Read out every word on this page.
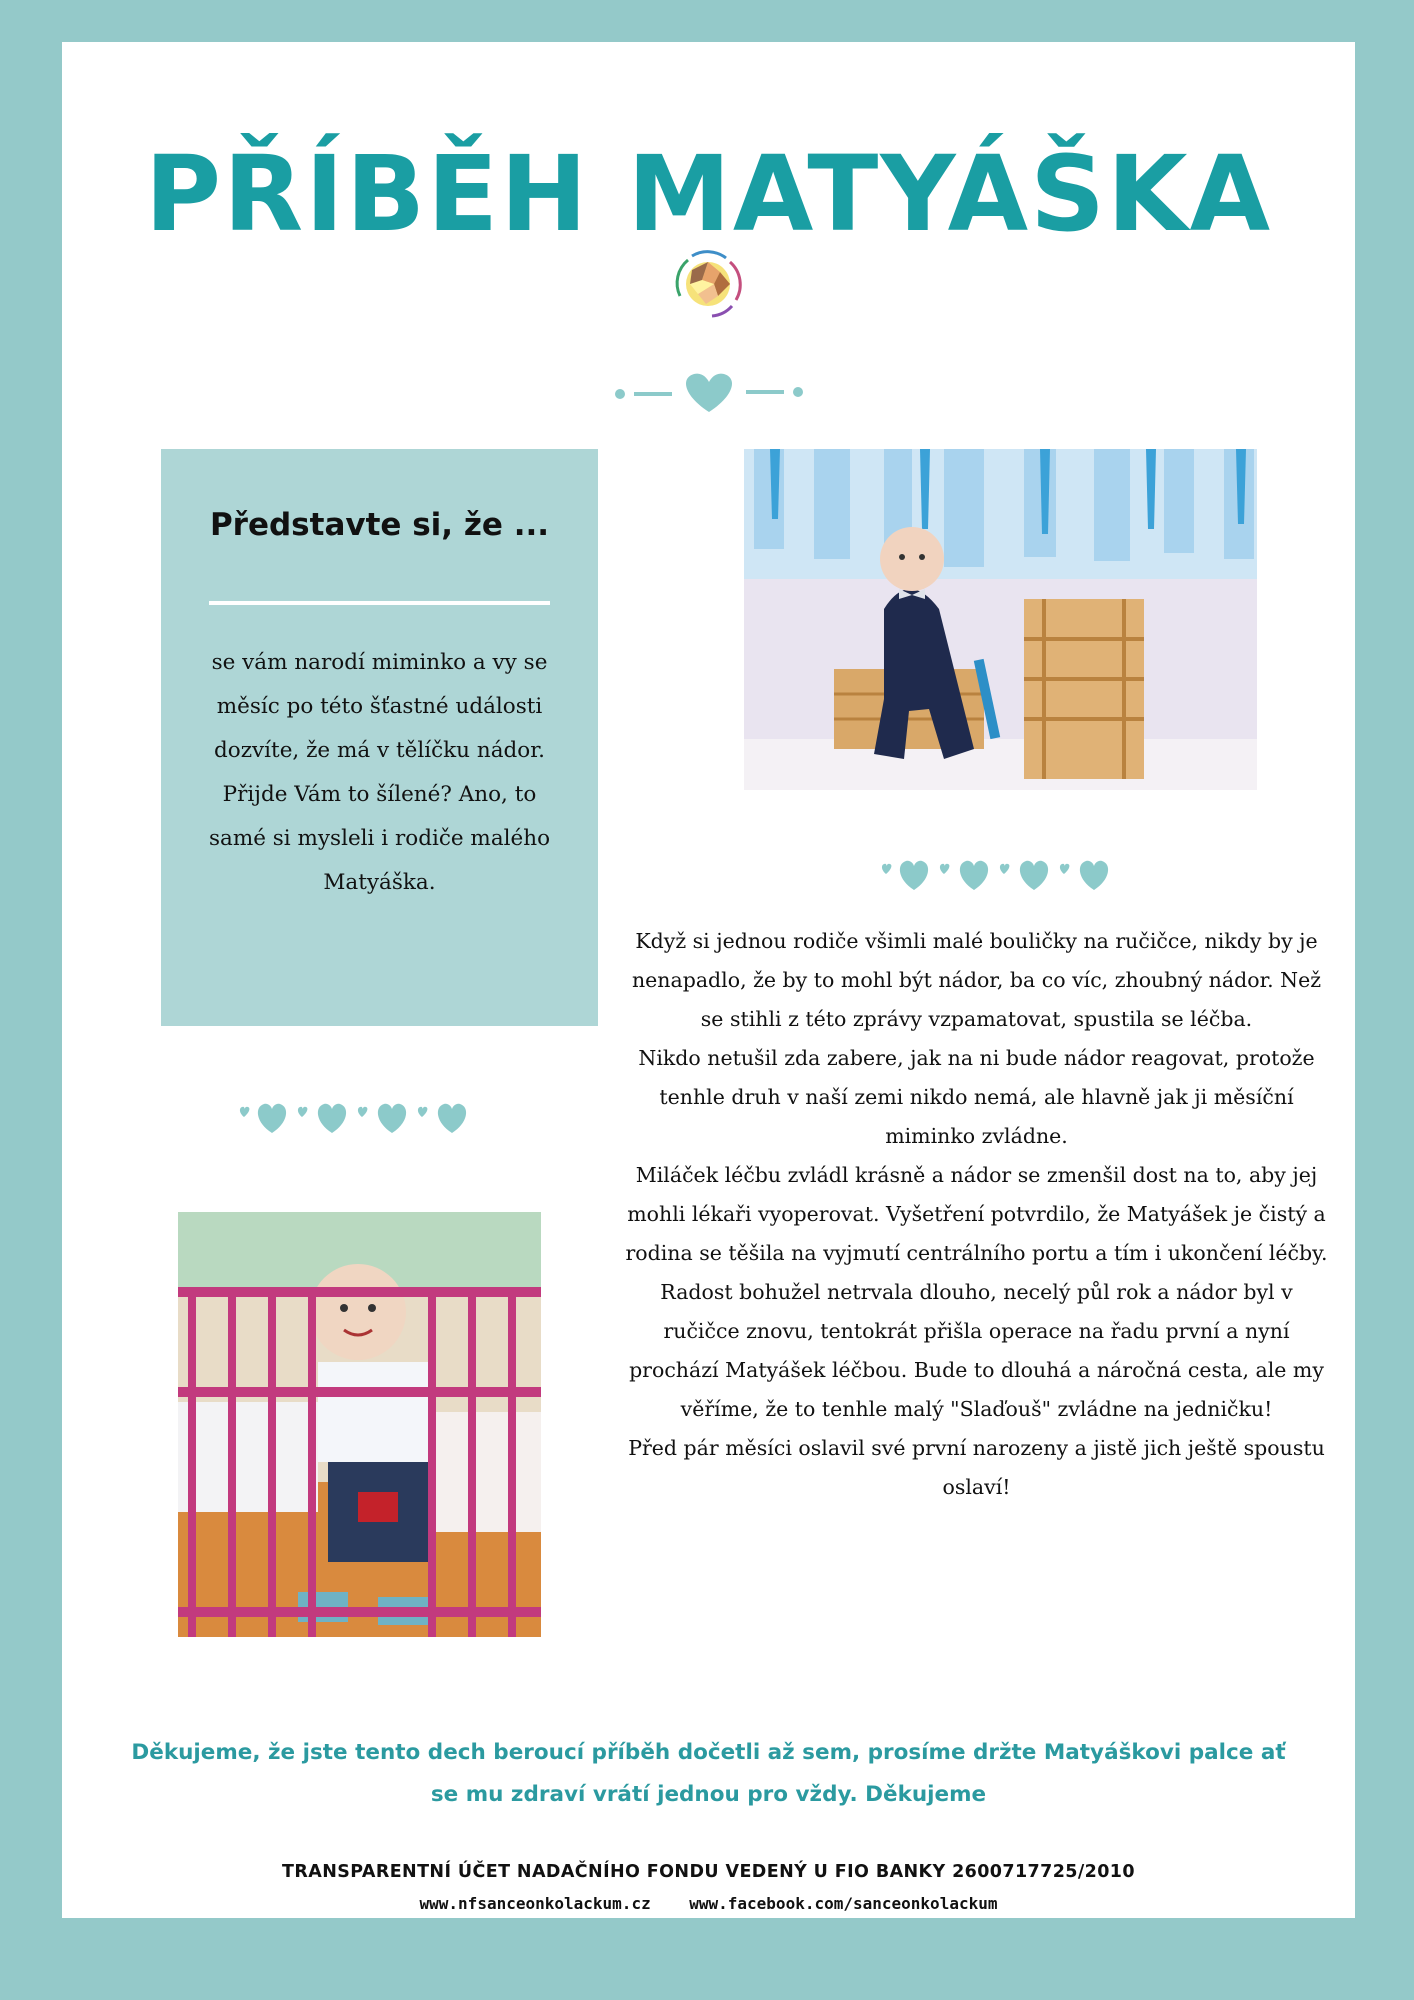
PŘÍBĚH MATYÁŠKA
Představte si, že ...
se vám narodí miminko a vy se měsíc po této šťastné události dozvíte, že má v tělíčku nádor. Přijde Vám to šílené? Ano, to samé si mysleli i rodiče malého Matyáška.

Když si jednou rodiče všimli malé bouličky na ručičce, nikdy by je nenapadlo, že by to mohl být nádor, ba co víc, zhoubný nádor. Než se stihli z této zprávy vzpamatovat, spustila se léčba.

Nikdo netušil zda zabere, jak na ni bude nádor reagovat, protože tenhle druh v naší zemi nikdo nemá, ale hlavně jak ji měsíční miminko zvládne.

Miláček léčbu zvládl krásně a nádor se zmenšil dost na to, aby jej mohli lékaři vyoperovat. Vyšetření potvrdilo, že Matyášek je čistý a rodina se těšila na vyjmutí centrálního portu a tím i ukončení léčby.

Radost bohužel netrvala dlouho, necelý půl rok a nádor byl v ručičce znovu, tentokrát přišla operace na řadu první a nyní prochází Matyášek léčbou. Bude to dlouhá a náročná cesta, ale my věříme, že to tenhle malý "Slaďouš" zvládne na jedničku!

Před pár měsíci oslavil své první narozeny a jistě jich ještě spoustu oslaví!

Děkujeme, že jste tento dech beroucí příběh dočetli až sem, prosíme držte Matyáškovi palce ať se mu zdraví vrátí jednou pro vždy. Děkujeme
TRANSPARENTNÍ ÚČET NADAČNÍHO FONDU VEDENÝ U FIO BANKY 2600717725/2010
www.nfsanceonkolackum.cz www.facebook.com/sanceonkolackum
